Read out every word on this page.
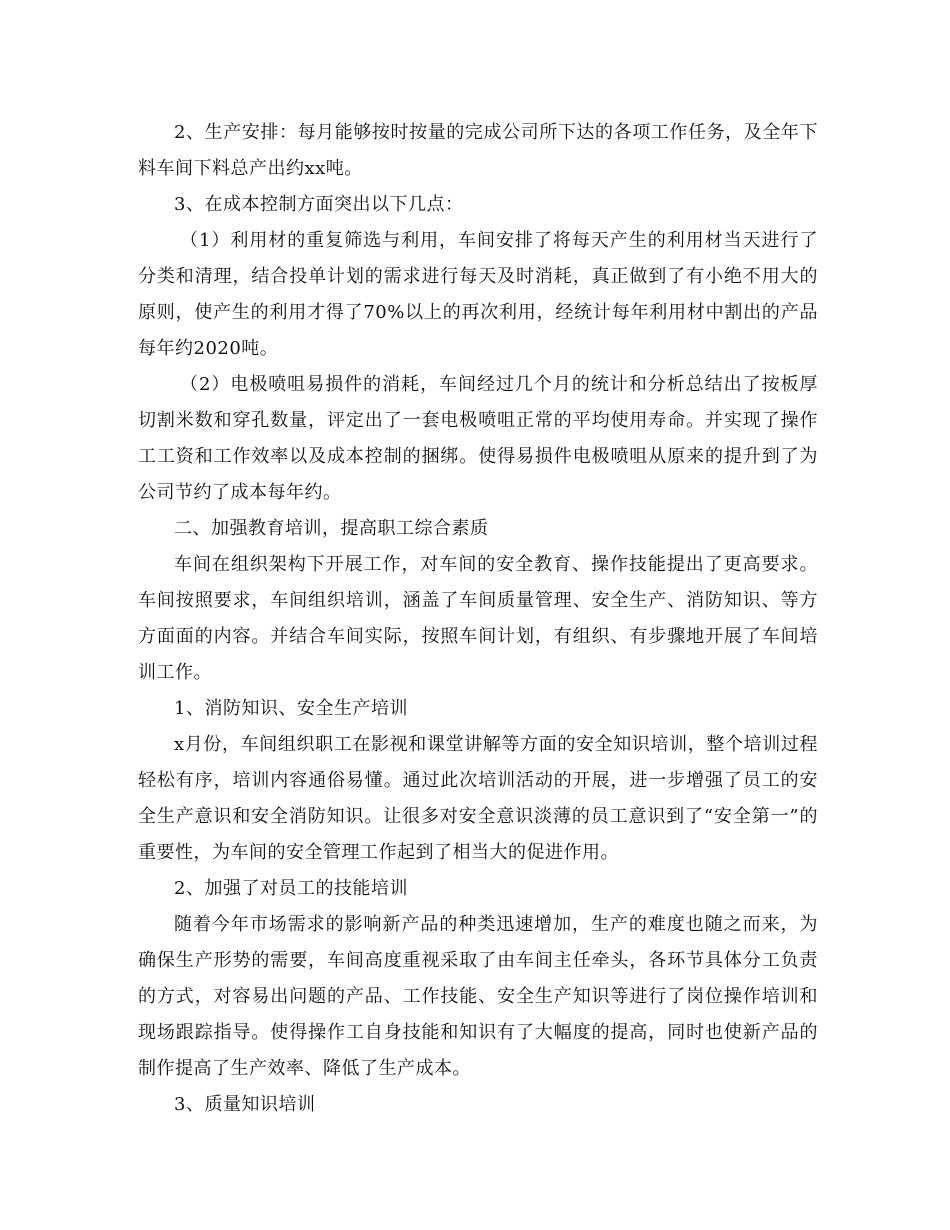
2、生产安排：每月能够按时按量的完成公司所下达的各项工作任务，及全年下料车间下料总产出约xx吨。

3、在成本控制方面突出以下几点：

（1）利用材的重复筛选与利用，车间安排了将每天产生的利用材当天进行了分类和清理，结合投单计划的需求进行每天及时消耗，真正做到了有小绝不用大的原则，使产生的利用才得了70%以上的再次利用，经统计每年利用材中割出的产品每年约2020吨。

（2）电极喷咀易损件的消耗，车间经过几个月的统计和分析总结出了按板厚切割米数和穿孔数量，评定出了一套电极喷咀正常的平均使用寿命。并实现了操作工工资和工作效率以及成本控制的捆绑。使得易损件电极喷咀从原来的提升到了为公司节约了成本每年约。

二、加强教育培训，提高职工综合素质

车间在组织架构下开展工作，对车间的安全教育、操作技能提出了更高要求。车间按照要求，车间组织培训，涵盖了车间质量管理、安全生产、消防知识、等方方面面的内容。并结合车间实际，按照车间计划，有组织、有步骤地开展了车间培训工作。

1、消防知识、安全生产培训

x月份，车间组织职工在影视和课堂讲解等方面的安全知识培训，整个培训过程轻松有序，培训内容通俗易懂。通过此次培训活动的开展，进一步增强了员工的安全生产意识和安全消防知识。让很多对安全意识淡薄的员工意识到了“安全第一”的重要性，为车间的安全管理工作起到了相当大的促进作用。

2、加强了对员工的技能培训

随着今年市场需求的影响新产品的种类迅速增加，生产的难度也随之而来，为确保生产形势的需要，车间高度重视采取了由车间主任牵头，各环节具体分工负责的方式，对容易出问题的产品、工作技能、安全生产知识等进行了岗位操作培训和现场跟踪指导。使得操作工自身技能和知识有了大幅度的提高，同时也使新产品的制作提高了生产效率、降低了生产成本。

3、质量知识培训
